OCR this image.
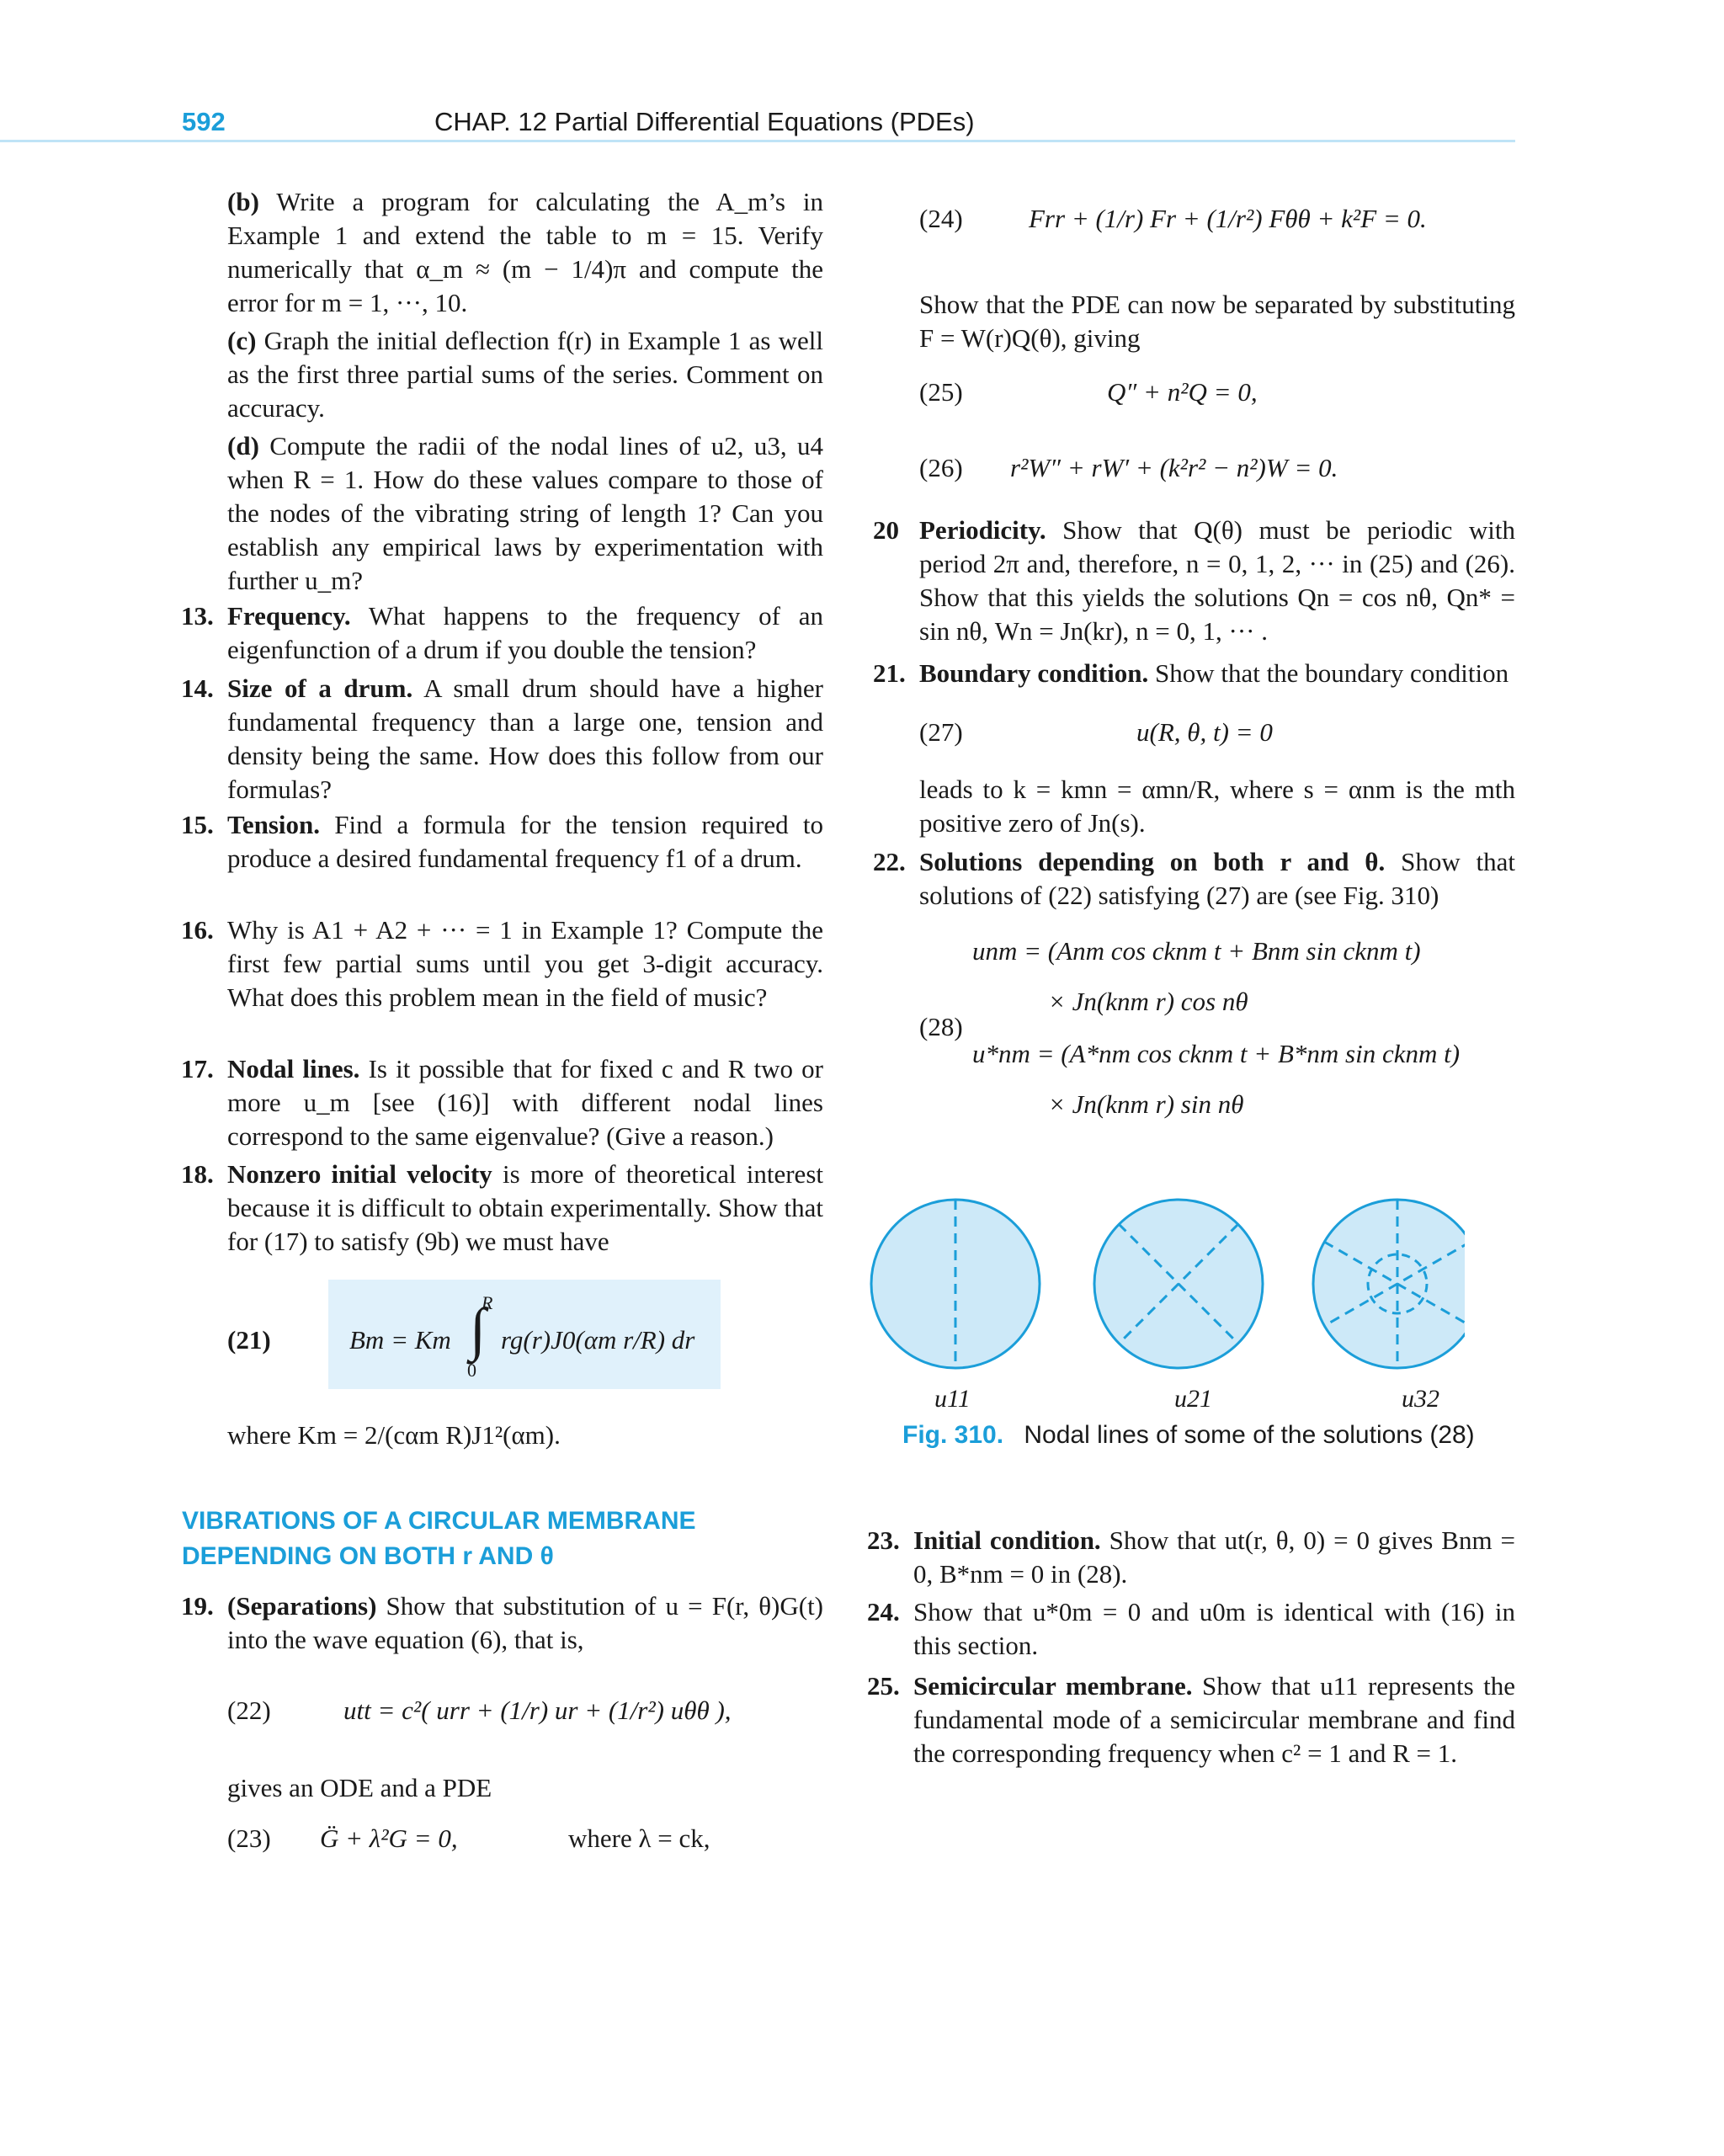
592	CHAP. 12 Partial Differential Equations (PDEs)
(b) Write a program for calculating the A_m’s in Example 1 and extend the table to m = 15. Verify numerically that α_m ≈ (m − 1/4)π and compute the error for m = 1, ···, 10.
(c) Graph the initial deflection f(r) in Example 1 as well as the first three partial sums of the series. Comment on accuracy.
(d) Compute the radii of the nodal lines of u2, u3, u4 when R = 1. How do these values compare to those of the nodes of the vibrating string of length 1? Can you establish any empirical laws by experimentation with further u_m?
13. Frequency. What happens to the frequency of an eigenfunction of a drum if you double the tension?
14. Size of a drum. A small drum should have a higher fundamental frequency than a large one, tension and density being the same. How does this follow from our formulas?
15. Tension. Find a formula for the tension required to produce a desired fundamental frequency f1 of a drum.
16. Why is A1 + A2 + ··· = 1 in Example 1? Compute the first few partial sums until you get 3-digit accuracy. What does this problem mean in the field of music?
17. Nodal lines. Is it possible that for fixed c and R two or more u_m [see (16)] with different nodal lines correspond to the same eigenvalue? (Give a reason.)
18. Nonzero initial velocity is more of theoretical interest because it is difficult to obtain experimentally. Show that for (17) to satisfy (9b) we must have
(21)	Bm = Km ∫
R
0
rg(r)J0(αm r/R) dr
where Km = 2/(cαm R)J1²(αm).
VIBRATIONS OF A CIRCULAR MEMBRANE
DEPENDING ON BOTH r AND θ
19. (Separations) Show that substitution of u = F(r, θ)G(t) into the wave equation (6), that is,
(22)	utt = c²( urr + (1/r) ur + (1/r²) uθθ ),
gives an ODE and a PDE
(23) G̈ + λ²G = 0,	where λ = ck,
(24)	Frr + (1/r) Fr + (1/r²) Fθθ + k²F = 0.
Show that the PDE can now be separated by substituting F = W(r)Q(θ), giving
(25)	Q″ + n²Q = 0,
(26) r²W″ + rW′ + (k²r² − n²)W = 0.
20 Periodicity. Show that Q(θ) must be periodic with period 2π and, therefore, n = 0, 1, 2, ··· in (25) and (26). Show that this yields the solutions Qn = cos nθ, Qn* = sin nθ, Wn = Jn(kr), n = 0, 1, ··· .
21. Boundary condition. Show that the boundary condition
(27)	u(R, θ, t) = 0
leads to k = kmn = αmn/R, where s = αnm is the mth positive zero of Jn(s).
22. Solutions depending on both r and θ. Show that solutions of (22) satisfying (27) are (see Fig. 310)
(28)
unm = (Anm cos cknm t + Bnm sin cknm t)
× Jn(knm r) cos nθ
u*nm = (A*nm cos cknm t + B*nm sin cknm t)
× Jn(knm r) sin nθ
u11	u21	u32
Fig. 310. Nodal lines of some of the solutions (28)
23. Initial condition. Show that ut(r, θ, 0) = 0 gives Bnm = 0, B*nm = 0 in (28).
24. Show that u*0m = 0 and u0m is identical with (16) in this section.
25. Semicircular membrane. Show that u11 represents the fundamental mode of a semicircular membrane and find the corresponding frequency when c² = 1 and R = 1.
